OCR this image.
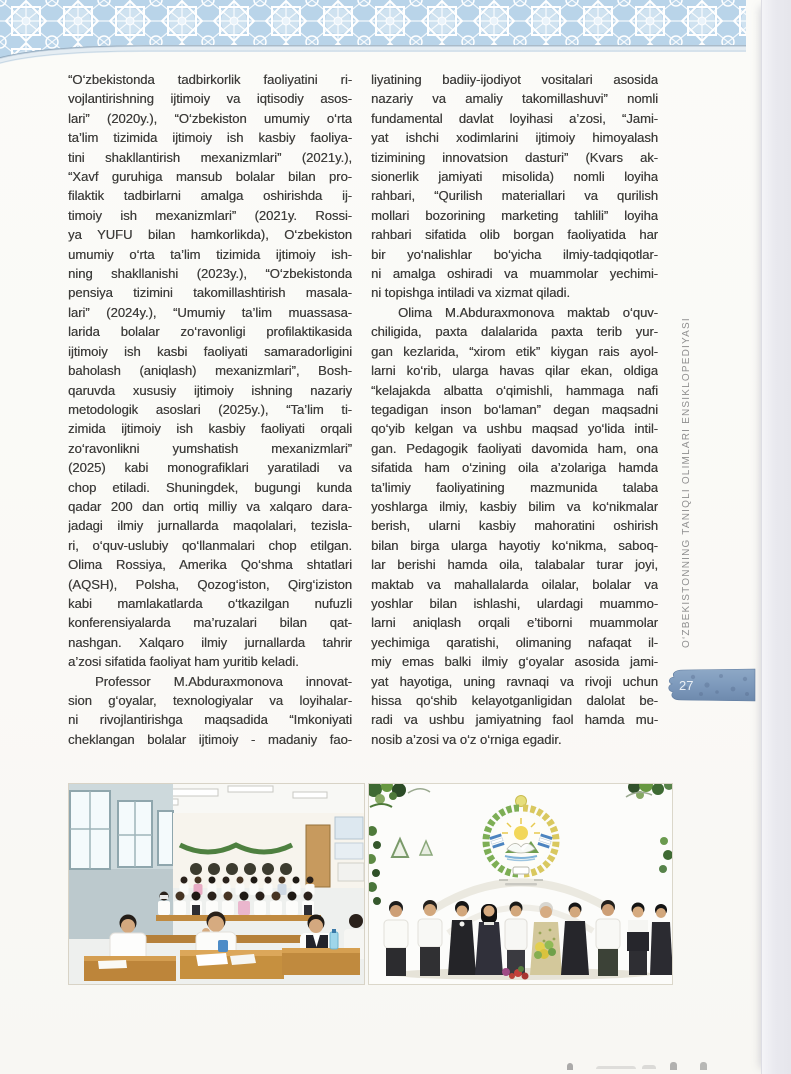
“O‘zbekistonda tadbirkorlik faoliyatini ri-
vojlantirishning ijtimoiy va iqtisodiy asos-
lari” (2020y.), “O‘zbekiston umumiy o‘rta
ta’lim tizimida ijtimoiy ish kasbiy faoliya-
tini shakllantirish mexanizmlari” (2021y.),
“Xavf guruhiga mansub bolalar bilan pro-
filaktik tadbirlarni amalga oshirishda ij-
timoiy ish mexanizmlari” (2021y. Rossi-
ya YUFU bilan hamkorlikda), O‘zbekiston
umumiy o‘rta ta’lim tizimida ijtimoiy ish-
ning shakllanishi (2023y.), “O‘zbekistonda
pensiya tizimini takomillashtirish masala-
lari” (2024y.), “Umumiy ta’lim muassasa-
larida bolalar zo‘ravonligi profilaktikasida
ijtimoiy ish kasbi faoliyati samaradorligini
baholash (aniqlash) mexanizmlari”, Bosh-
qaruvda xususiy ijtimoiy ishning nazariy
metodologik asoslari (2025y.), “Ta’lim ti-
zimida ijtimoiy ish kasbiy faoliyati orqali
zo‘ravonlikni yumshatish mexanizmlari”
(2025) kabi monografiklari yaratiladi va
chop etiladi. Shuningdek, bugungi kunda
qadar 200 dan ortiq milliy va xalqaro dara-
jadagi ilmiy jurnallarda maqolalari, tezisla-
ri, o‘quv-uslubiy qo‘llanmalari chop etilgan.
Olima Rossiya, Amerika Qo‘shma shtatlari
(AQSH), Polsha, Qozog‘iston, Qirg‘iziston
kabi mamlakatlarda o‘tkazilgan nufuzli
konferensiyalarda ma’ruzalari bilan qat-
nashgan. Xalqaro ilmiy jurnallarda tahrir
a’zosi sifatida faoliyat ham yuritib keladi.
Professor M.Abduraxmonova innovat-
sion g‘oyalar, texnologiyalar va loyihalar-
ni rivojlantirishga maqsadida “Imkoniyati
cheklangan bolalar ijtimoiy - madaniy fao-
liyatining badiiy-ijodiyot vositalari asosida
nazariy va amaliy takomillashuvi” nomli
fundamental davlat loyihasi a’zosi, “Jami-
yat ishchi xodimlarini ijtimoiy himoyalash
tizimining innovatsion dasturi” (Kvars ak-
sionerlik jamiyati misolida) nomli loyiha
rahbari, “Qurilish materiallari va qurilish
mollari bozorining marketing tahlili” loyiha
rahbari sifatida olib borgan faoliyatida har
bir yo‘nalishlar bo‘yicha ilmiy-tadqiqotlar-
ni amalga oshiradi va muammolar yechimi-
ni topishga intiladi va xizmat qiladi.
Olima M.Abduraxmonova maktab o‘quv-
chiligida, paxta dalalarida paxta terib yur-
gan kezlarida, “xirom etik” kiygan rais ayol-
larni ko‘rib, ularga havas qilar ekan, oldiga
“kelajakda albatta o‘qimishli, hammaga nafi
tegadigan inson bo‘laman” degan maqsadni
qo‘yib kelgan va ushbu maqsad yo‘lida intil-
gan. Pedagogik faoliyati davomida ham, ona
sifatida ham o‘zining oila a’zolariga hamda
ta’limiy faoliyatining mazmunida talaba
yoshlarga ilmiy, kasbiy bilim va ko‘nikmalar
berish, ularni kasbiy mahoratini oshirish
bilan birga ularga hayotiy ko‘nikma, saboq-
lar berishi hamda oila, talabalar turar joyi,
maktab va mahallalarda oilalar, bolalar va
yoshlar bilan ishlashi, ulardagi muammo-
larni aniqlash orqali e’tiborni muammolar
yechimiga qaratishi, olimaning nafaqat il-
miy emas balki ilmiy g‘oyalar asosida jami-
yat hayotiga, uning ravnaqi va rivoji uchun
hissa qo‘shib kelayotganligidan dalolat be-
radi va ushbu jamiyatning faol hamda mu-
nosib a’zosi va o‘z o‘rniga egadir.
O‘ZBEKISTONNING TANIQLI OLIMLARI ENSIKLOPEDIYASI
27
